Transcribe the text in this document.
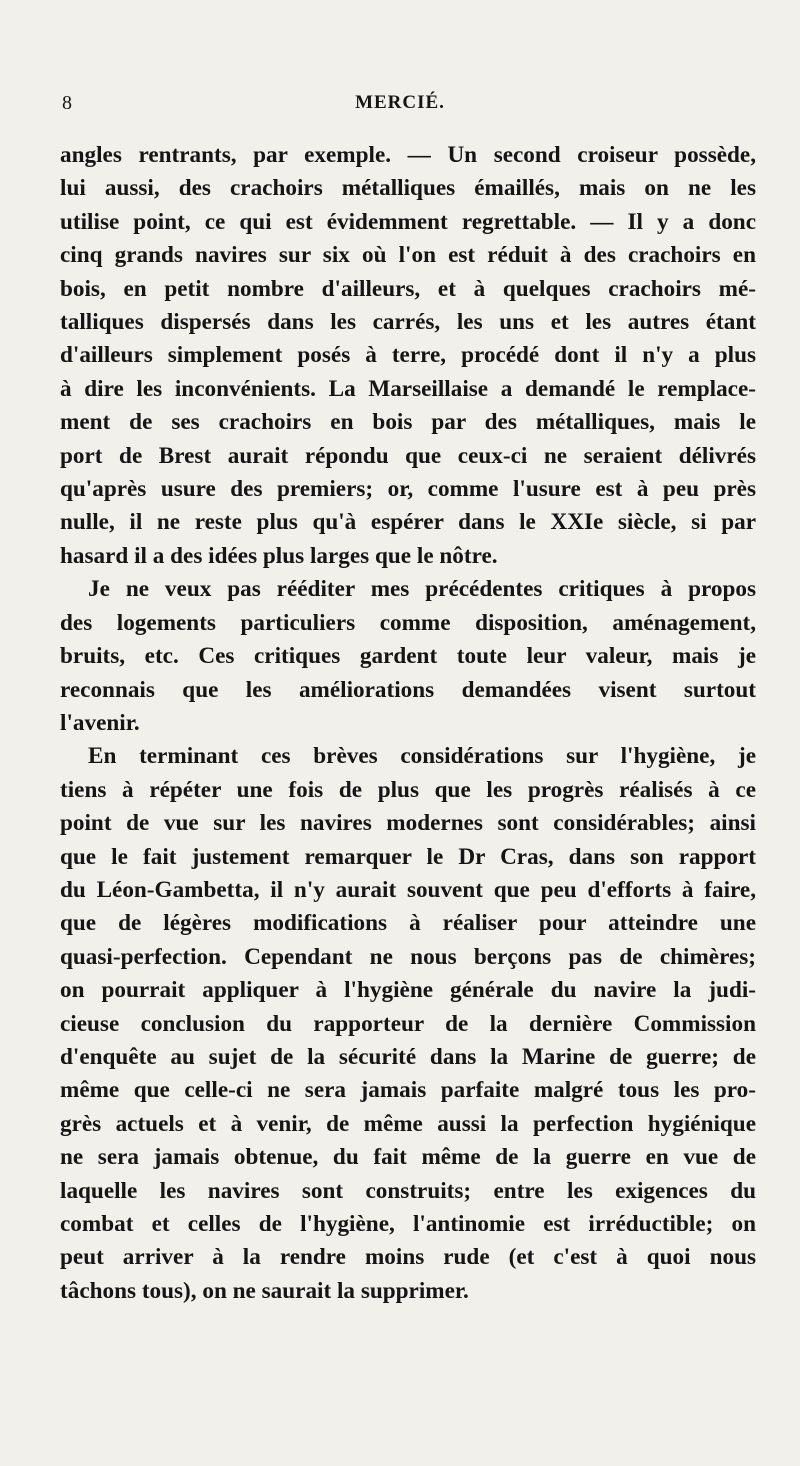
8	MERCIÉ.

angles rentrants, par exemple. — Un second croiseur possède,
lui aussi, des crachoirs métalliques émaillés, mais on ne les
utilise point, ce qui est évidemment regrettable. — Il y a donc
cinq grands navires sur six où l'on est réduit à des crachoirs en
bois, en petit nombre d'ailleurs, et à quelques crachoirs mé-
talliques dispersés dans les carrés, les uns et les autres étant
d'ailleurs simplement posés à terre, procédé dont il n'y a plus
à dire les inconvénients. La Marseillaise a demandé le remplace-
ment de ses crachoirs en bois par des métalliques, mais le
port de Brest aurait répondu que ceux-ci ne seraient délivrés
qu'après usure des premiers; or, comme l'usure est à peu près
nulle, il ne reste plus qu'à espérer dans le XXIe siècle, si par
hasard il a des idées plus larges que le nôtre.

Je ne veux pas rééditer mes précédentes critiques à propos
des logements particuliers comme disposition, aménagement,
bruits, etc. Ces critiques gardent toute leur valeur, mais je
reconnais que les améliorations demandées visent surtout
l'avenir.

En terminant ces brèves considérations sur l'hygiène, je
tiens à répéter une fois de plus que les progrès réalisés à ce
point de vue sur les navires modernes sont considérables; ainsi
que le fait justement remarquer le Dr Cras, dans son rapport
du Léon-Gambetta, il n'y aurait souvent que peu d'efforts à faire,
que de légères modifications à réaliser pour atteindre une
quasi-perfection. Cependant ne nous berçons pas de chimères;
on pourrait appliquer à l'hygiène générale du navire la judi-
cieuse conclusion du rapporteur de la dernière Commission
d'enquête au sujet de la sécurité dans la Marine de guerre; de
même que celle-ci ne sera jamais parfaite malgré tous les pro-
grès actuels et à venir, de même aussi la perfection hygiénique
ne sera jamais obtenue, du fait même de la guerre en vue de
laquelle les navires sont construits; entre les exigences du
combat et celles de l'hygiène, l'antinomie est irréductible; on
peut arriver à la rendre moins rude (et c'est à quoi nous
tâchons tous), on ne saurait la supprimer.
